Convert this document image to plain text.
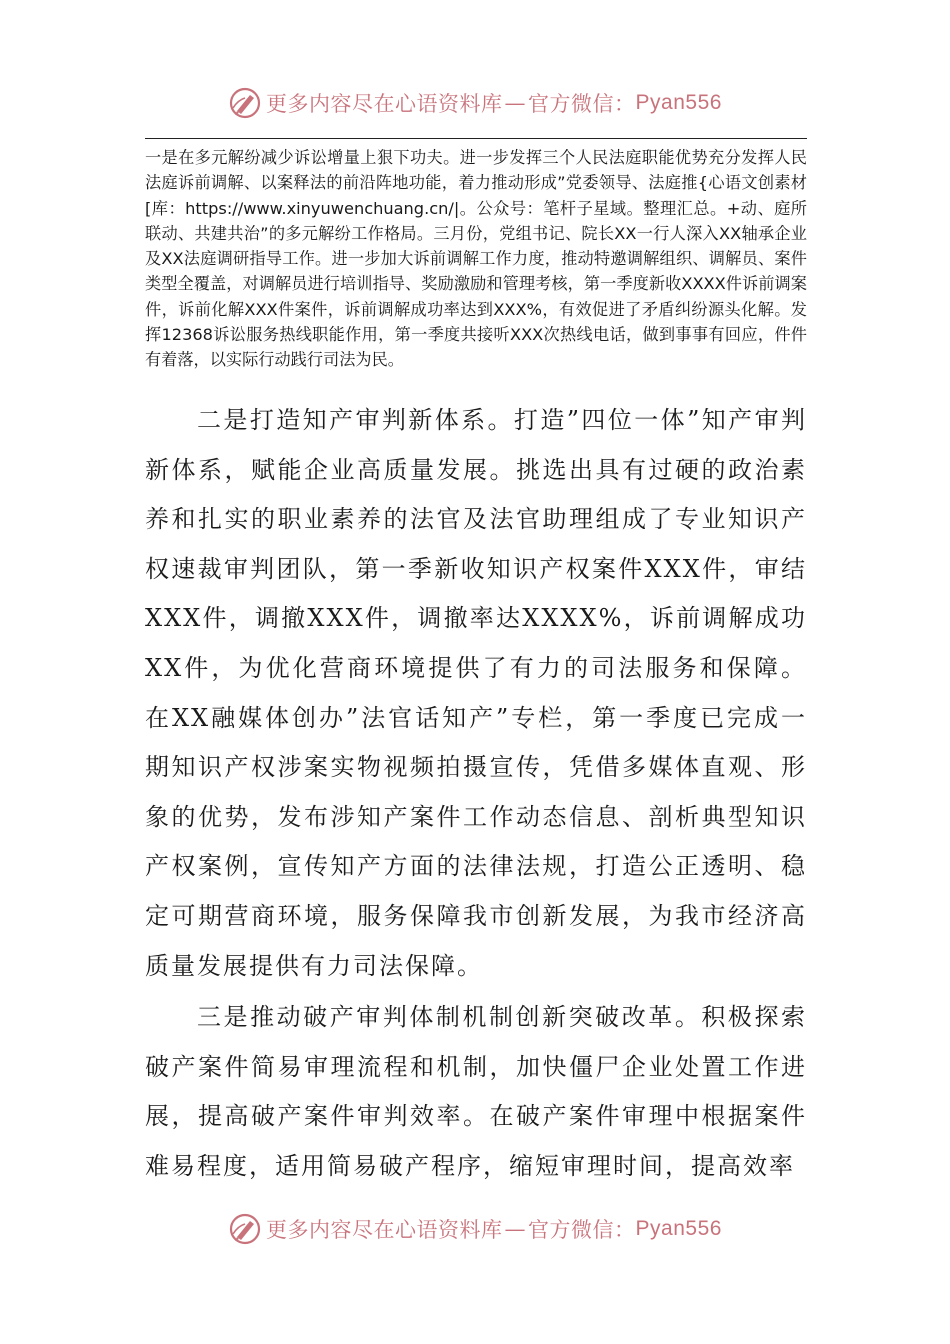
更多内容尽在心语资料库 — 官方微信： Pyan556

一是在多元解纷减少诉讼增量上狠下功夫。进一步发挥三个人民法庭职能优势充分发挥人民法庭诉前调解、以案释法的前沿阵地功能，着力推动形成”党委领导、法庭推{心语文创素材[库：https://www.xinyuwenchuang.cn/|。公众号：笔杆子星域。整理汇总。+动、庭所联动、共建共治”的多元解纷工作格局。三月份，党组书记、院长XX一行人深入XX轴承企业及XX法庭调研指导工作。进一步加大诉前调解工作力度，推动特邀调解组织、调解员、案件类型全覆盖，对调解员进行培训指导、奖励激励和管理考核，第一季度新收XXXX件诉前调案件，诉前化解XXX件案件，诉前调解成功率达到XXX%，有效促进了矛盾纠纷源头化解。发挥12368诉讼服务热线职能作用，第一季度共接听XXX次热线电话，做到事事有回应，件件有着落，以实际行动践行司法为民。

二是打造知产审判新体系。打造”四位一体”知产审判新体系，赋能企业高质量发展。挑选出具有过硬的政治素养和扎实的职业素养的法官及法官助理组成了专业知识产权速裁审判团队，第一季新收知识产权案件XXX件，审结XXX件，调撤XXX件，调撤率达XXXX%，诉前调解成功XX件，为优化营商环境提供了有力的司法服务和保障。在XX融媒体创办”法官话知产”专栏，第一季度已完成一期知识产权涉案实物视频拍摄宣传，凭借多媒体直观、形象的优势，发布涉知产案件工作动态信息、剖析典型知识产权案例，宣传知产方面的法律法规，打造公正透明、稳定可期营商环境，服务保障我市创新发展，为我市经济高质量发展提供有力司法保障。

三是推动破产审判体制机制创新突破改革。积极探索破产案件简易审理流程和机制，加快僵尸企业处置工作进展，提高破产案件审判效率。在破产案件审理中根据案件难易程度，适用简易破产程序，缩短审理时间，提高效率

更多内容尽在心语资料库 — 官方微信： Pyan556
